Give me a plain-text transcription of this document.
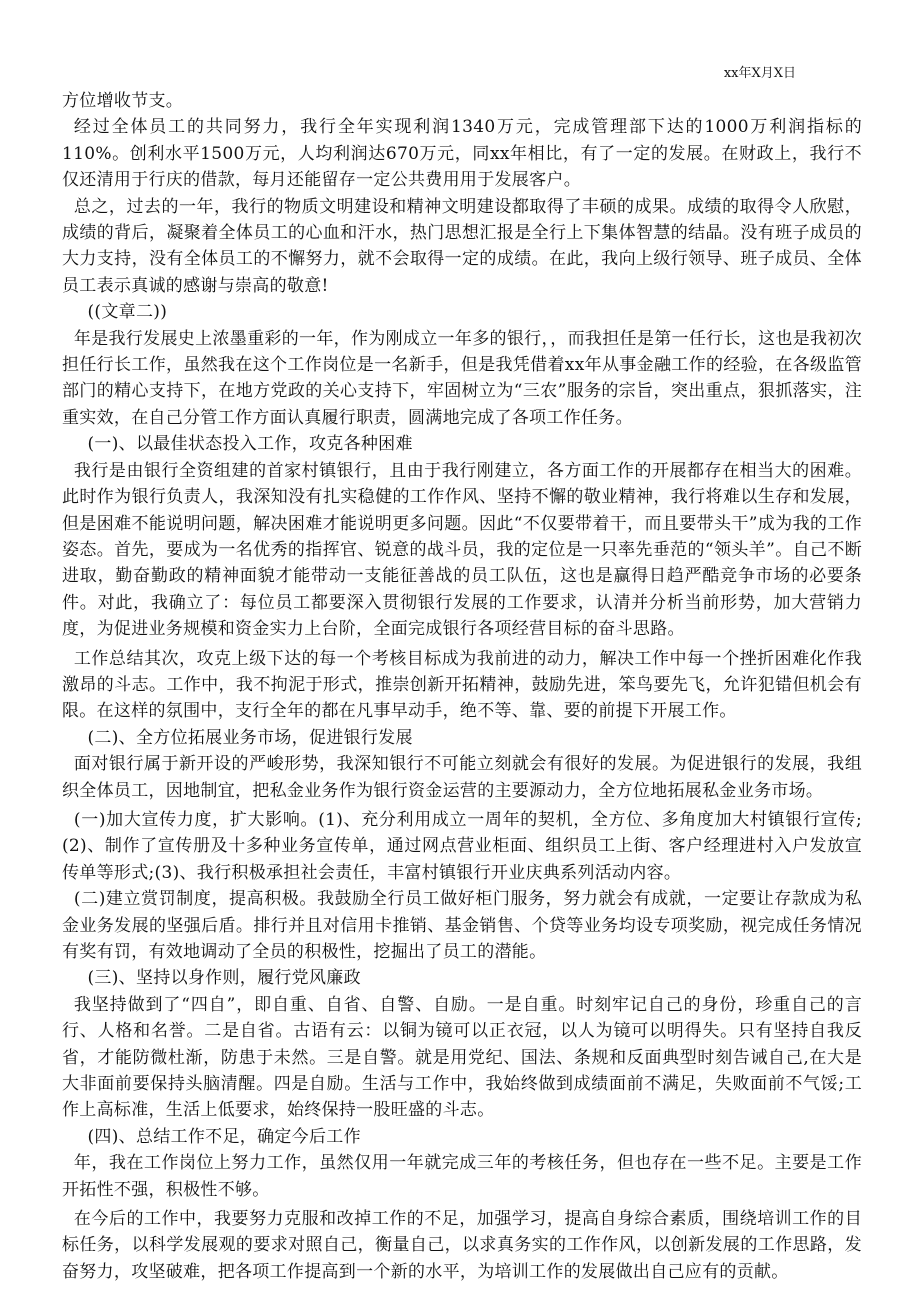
xx年X月X日

方位增收节支。

经过全体员工的共同努力，我行全年实现利润1340万元，完成管理部下达的1000万利润指标的110%。创利水平1500万元，人均利润达670万元，同xx年相比，有了一定的发展。在财政上，我行不仅还清用于行庆的借款，每月还能留存一定公共费用用于发展客户。

总之，过去的一年，我行的物质文明建设和精神文明建设都取得了丰硕的成果。成绩的取得令人欣慰，成绩的背后，凝聚着全体员工的心血和汗水，热门思想汇报是全行上下集体智慧的结晶。没有班子成员的大力支持，没有全体员工的不懈努力，就不会取得一定的成绩。在此，我向上级行领导、班子成员、全体员工表示真诚的感谢与崇高的敬意!

((文章二))

年是我行发展史上浓墨重彩的一年，作为刚成立一年多的银行，，而我担任是第一任行长，这也是我初次担任行长工作，虽然我在这个工作岗位是一名新手，但是我凭借着xx年从事金融工作的经验，在各级监管部门的精心支持下，在地方党政的关心支持下，牢固树立为“三农”服务的宗旨，突出重点，狠抓落实，注重实效，在自己分管工作方面认真履行职责，圆满地完成了各项工作任务。

(一)、以最佳状态投入工作，攻克各种困难

我行是由银行全资组建的首家村镇银行，且由于我行刚建立，各方面工作的开展都存在相当大的困难。此时作为银行负责人，我深知没有扎实稳健的工作作风、坚持不懈的敬业精神，我行将难以生存和发展，但是困难不能说明问题，解决困难才能说明更多问题。因此“不仅要带着干，而且要带头干”成为我的工作姿态。首先，要成为一名优秀的指挥官、锐意的战斗员，我的定位是一只率先垂范的“领头羊”。自己不断进取，勤奋勤政的精神面貌才能带动一支能征善战的员工队伍，这也是赢得日趋严酷竞争市场的必要条件。对此，我确立了：每位员工都要深入贯彻银行发展的工作要求，认清并分析当前形势，加大营销力度，为促进业务规模和资金实力上台阶，全面完成银行各项经营目标的奋斗思路。

工作总结其次，攻克上级下达的每一个考核目标成为我前进的动力，解决工作中每一个挫折困难化作我激昂的斗志。工作中，我不拘泥于形式，推崇创新开拓精神，鼓励先进，笨鸟要先飞，允许犯错但机会有限。在这样的氛围中，支行全年的都在凡事早动手，绝不等、靠、要的前提下开展工作。

(二)、全方位拓展业务市场，促进银行发展

面对银行属于新开设的严峻形势，我深知银行不可能立刻就会有很好的发展。为促进银行的发展，我组织全体员工，因地制宜，把私金业务作为银行资金运营的主要源动力，全方位地拓展私金业务市场。

(一)加大宣传力度，扩大影响。(1)、充分利用成立一周年的契机，全方位、多角度加大村镇银行宣传;(2)、制作了宣传册及十多种业务宣传单，通过网点营业柜面、组织员工上街、客户经理进村入户发放宣传单等形式;(3)、我行积极承担社会责任，丰富村镇银行开业庆典系列活动内容。

(二)建立赏罚制度，提高积极。我鼓励全行员工做好柜门服务，努力就会有成就，一定要让存款成为私金业务发展的坚强后盾。排行并且对信用卡推销、基金销售、个贷等业务均设专项奖励，视完成任务情况有奖有罚，有效地调动了全员的积极性，挖掘出了员工的潜能。

(三)、坚持以身作则，履行党风廉政

我坚持做到了“四自”，即自重、自省、自警、自励。一是自重。时刻牢记自己的身份，珍重自己的言行、人格和名誉。二是自省。古语有云：以铜为镜可以正衣冠，以人为镜可以明得失。只有坚持自我反省，才能防微杜渐，防患于未然。三是自警。就是用党纪、国法、条规和反面典型时刻告诫自己,在大是大非面前要保持头脑清醒。四是自励。生活与工作中，我始终做到成绩面前不满足，失败面前不气馁;工作上高标准，生活上低要求，始终保持一股旺盛的斗志。

(四)、总结工作不足，确定今后工作

年，我在工作岗位上努力工作，虽然仅用一年就完成三年的考核任务，但也存在一些不足。主要是工作开拓性不强，积极性不够。

在今后的工作中，我要努力克服和改掉工作的不足，加强学习，提高自身综合素质，围绕培训工作的目标任务，以科学发展观的要求对照自己，衡量自己，以求真务实的工作作风，以创新发展的工作思路，发奋努力，攻坚破难，把各项工作提高到一个新的水平，为培训工作的发展做出自己应有的贡献。
